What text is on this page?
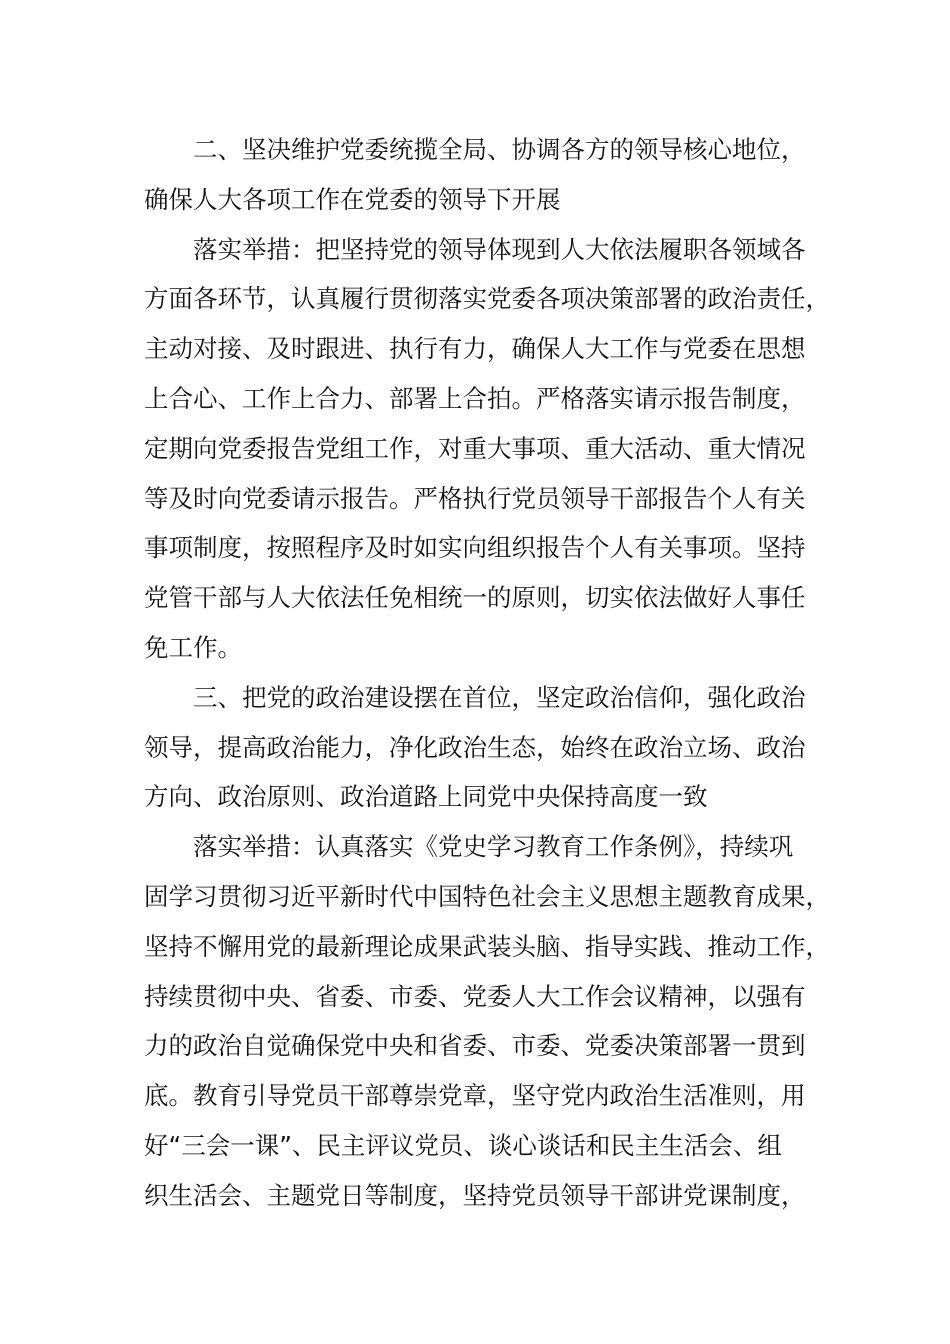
二、坚决维护党委统揽全局、协调各方的领导核心地位，
确保人大各项工作在党委的领导下开展
落实举措：把坚持党的领导体现到人大依法履职各领域各
方面各环节，认真履行贯彻落实党委各项决策部署的政治责任，
主动对接、及时跟进、执行有力，确保人大工作与党委在思想
上合心、工作上合力、部署上合拍。严格落实请示报告制度，
定期向党委报告党组工作，对重大事项、重大活动、重大情况
等及时向党委请示报告。严格执行党员领导干部报告个人有关
事项制度，按照程序及时如实向组织报告个人有关事项。坚持
党管干部与人大依法任免相统一的原则，切实依法做好人事任
免工作。
三、把党的政治建设摆在首位，坚定政治信仰，强化政治
领导，提高政治能力，净化政治生态，始终在政治立场、政治
方向、政治原则、政治道路上同党中央保持高度一致
落实举措：认真落实《党史学习教育工作条例》，持续巩
固学习贯彻习近平新时代中国特色社会主义思想主题教育成果，
坚持不懈用党的最新理论成果武装头脑、指导实践、推动工作，
持续贯彻中央、省委、市委、党委人大工作会议精神，以强有
力的政治自觉确保党中央和省委、市委、党委决策部署一贯到
底。教育引导党员干部尊崇党章，坚守党内政治生活准则，用
好“三会一课”、民主评议党员、谈心谈话和民主生活会、组
织生活会、主题党日等制度，坚持党员领导干部讲党课制度，
